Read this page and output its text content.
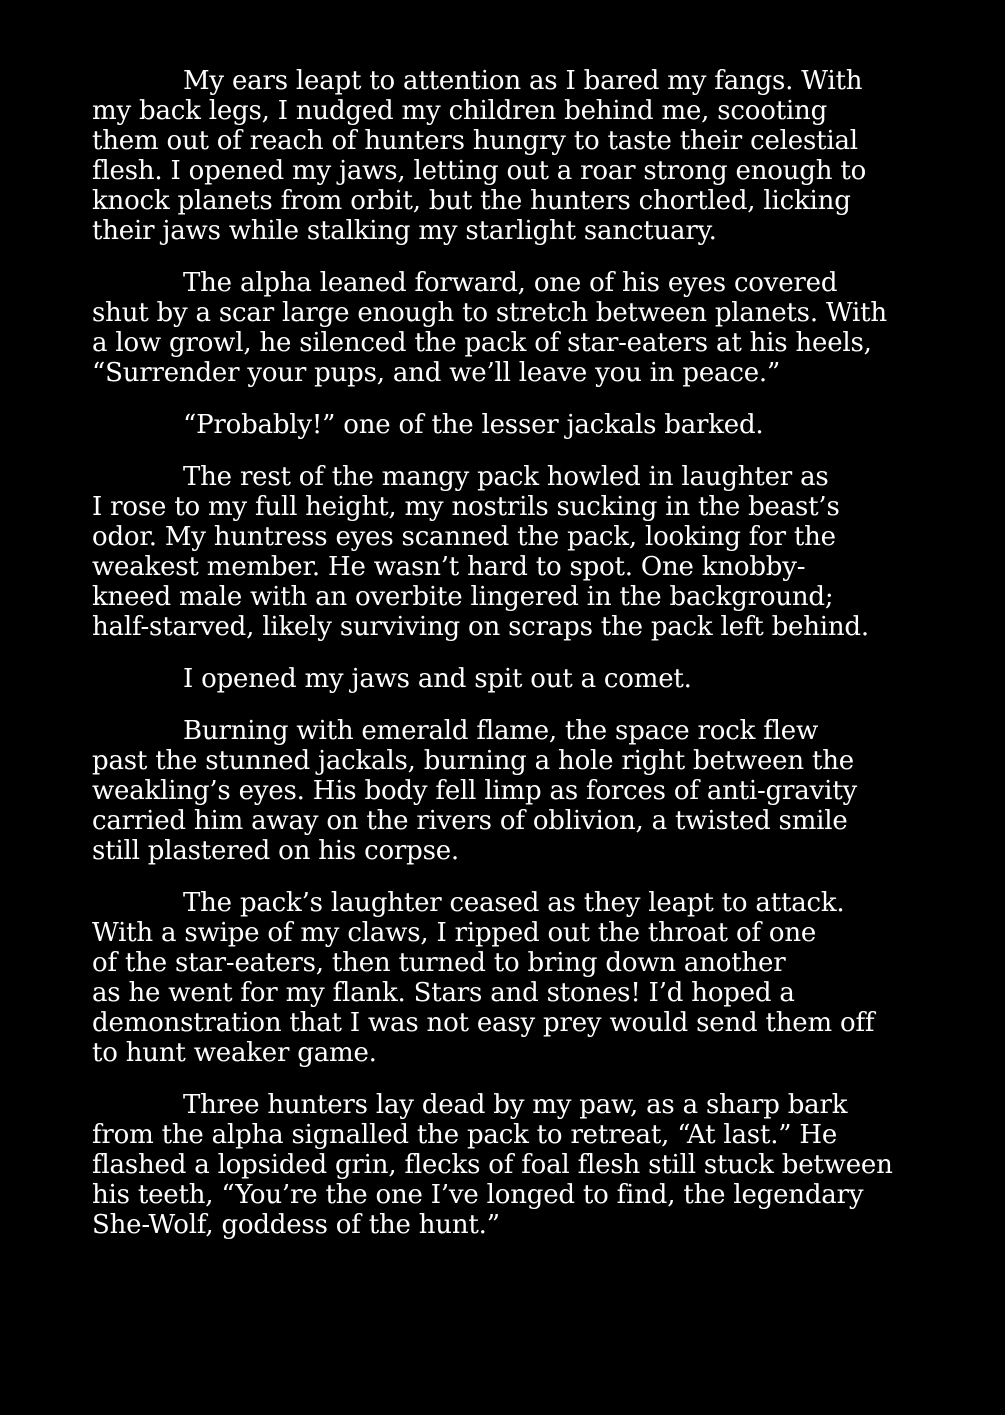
My ears leapt to attention as I bared my fangs. With
my back legs, I nudged my children behind me, scooting
them out of reach of hunters hungry to taste their celestial
flesh. I opened my jaws, letting out a roar strong enough to
knock planets from orbit, but the hunters chortled, licking
their jaws while stalking my starlight sanctuary.

The alpha leaned forward, one of his eyes covered
shut by a scar large enough to stretch between planets. With
a low growl, he silenced the pack of star-eaters at his heels,
“Surrender your pups, and we’ll leave you in peace.”

“Probably!” one of the lesser jackals barked.

The rest of the mangy pack howled in laughter as
I rose to my full height, my nostrils sucking in the beast’s
odor. My huntress eyes scanned the pack, looking for the
weakest member. He wasn’t hard to spot. One knobby-
kneed male with an overbite lingered in the background;
half-starved, likely surviving on scraps the pack left behind.

I opened my jaws and spit out a comet.

Burning with emerald flame, the space rock flew
past the stunned jackals, burning a hole right between the
weakling’s eyes. His body fell limp as forces of anti-gravity
carried him away on the rivers of oblivion, a twisted smile
still plastered on his corpse.

The pack’s laughter ceased as they leapt to attack.
With a swipe of my claws, I ripped out the throat of one
of the star-eaters, then turned to bring down another
as he went for my flank. Stars and stones! I’d hoped a
demonstration that I was not easy prey would send them off
to hunt weaker game.

Three hunters lay dead by my paw, as a sharp bark
from the alpha signalled the pack to retreat, “At last.” He
flashed a lopsided grin, flecks of foal flesh still stuck between
his teeth, “You’re the one I’ve longed to find, the legendary
She-Wolf, goddess of the hunt.”
